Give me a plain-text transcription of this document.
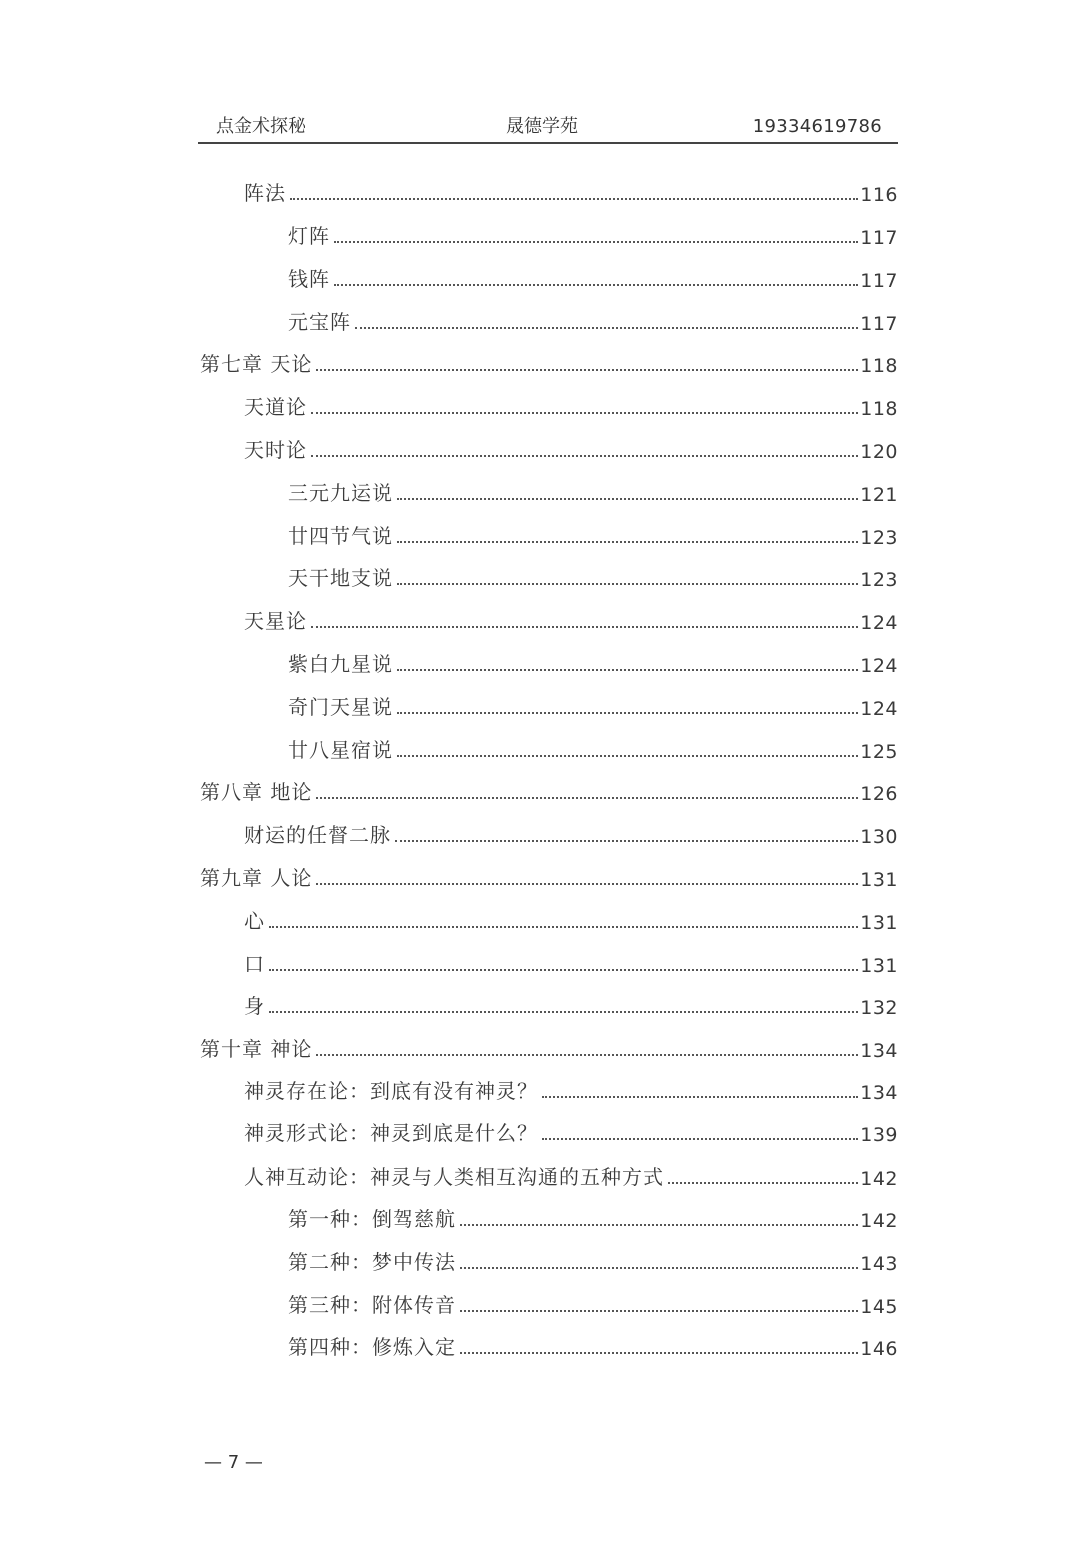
点金术探秘	晟德学苑	19334619786
阵法	116
灯阵	117
钱阵	117
元宝阵	117
第七章 天论	118
天道论	118
天时论	120
三元九运说	121
廿四节气说	123
天干地支说	123
天星论	124
紫白九星说	124
奇门天星说	124
廿八星宿说	125
第八章 地论	126
财运的任督二脉	130
第九章 人论	131
心	131
口	131
身	132
第十章 神论	134
神灵存在论：到底有没有神灵？	134
神灵形式论：神灵到底是什么？	139
人神互动论：神灵与人类相互沟通的五种方式	142
第一种：倒驾慈航	142
第二种：梦中传法	143
第三种：附体传音	145
第四种：修炼入定	146
— 7 —
